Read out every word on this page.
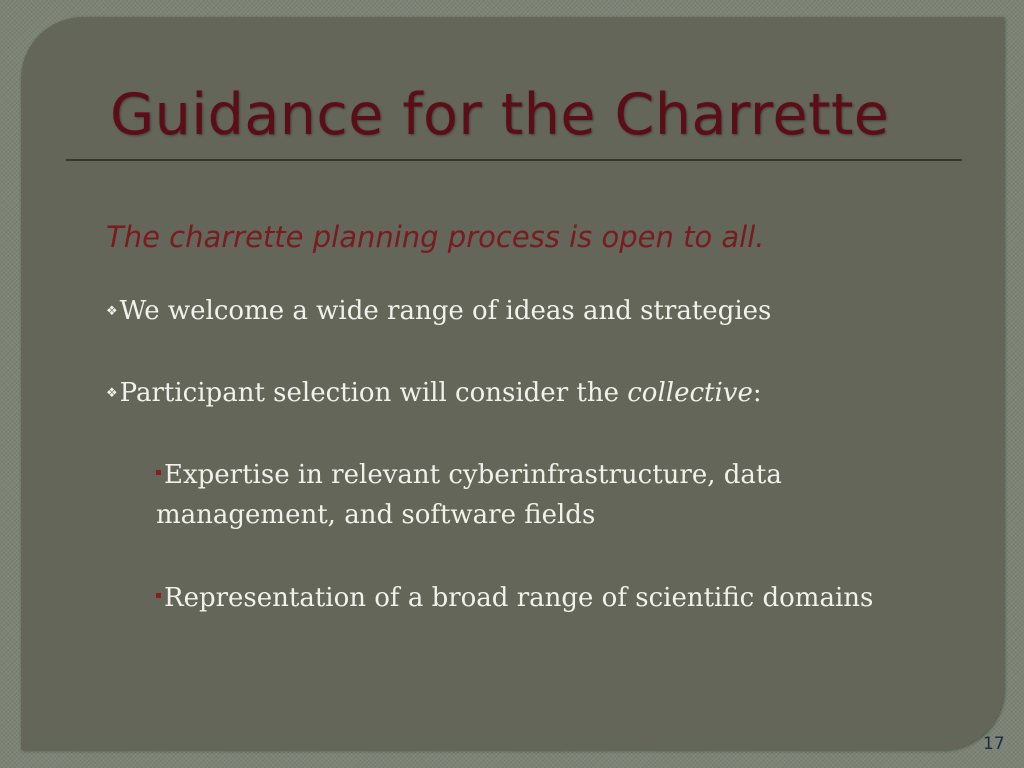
Guidance for the Charrette
The charrette planning process is open to all.
❖We welcome a wide range of ideas and strategies
❖Participant selection will consider the collective:
Expertise in relevant cyberinfrastructure, data management, and software fields
Representation of a broad range of scientific domains
17
